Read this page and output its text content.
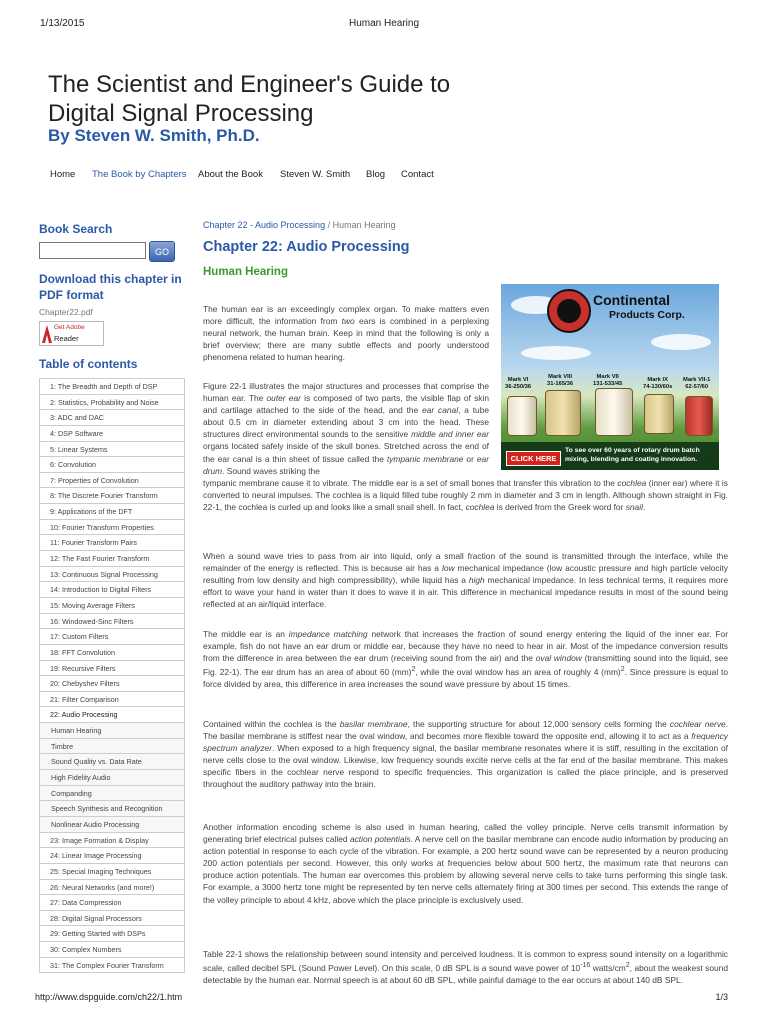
1/13/2015	Human Hearing
The Scientist and Engineer's Guide to Digital Signal Processing
By Steven W. Smith, Ph.D.
Home The Book by Chapters About the Book Steven W. Smith Blog Contact
Book Search
GO
Download this chapter in PDF format
Chapter22.pdf
Get Adobe
Reader
Table of contents
1: The Breadth and Depth of DSP
2: Statistics, Probability and Noise
3: ADC and DAC
4: DSP Software
5: Linear Systems
6: Convolution
7: Properties of Convolution
8: The Discrete Fourier Transform
9: Applications of the DFT
10: Fourier Transform Properties
11: Fourier Transform Pairs
12: The Fast Fourier Transform
13: Continuous Signal Processing
14: Introduction to Digital Filters
15: Moving Average Filters
16: Windowed-Sinc Filters
17: Custom Filters
18: FFT Convolution
19: Recursive Filters
20: Chebyshev Filters
21: Filter Comparison
22: Audio Processing
Human Hearing
Timbre
Sound Quality vs. Data Rate
High Fidelity Audio
Companding
Speech Synthesis and Recognition
Nonlinear Audio Processing
23: Image Formation & Display
24: Linear Image Processing
25: Special Imaging Techniques
26: Neural Networks (and more!)
27: Data Compression
28: Digital Signal Processors
29: Getting Started with DSPs
30: Complex Numbers
31: The Complex Fourier Transform
Chapter 22 - Audio Processing / Human Hearing
Chapter 22: Audio Processing
Human Hearing

The human ear is an exceedingly complex organ. To make matters even more difficult, the information from two ears is combined in a perplexing neural network, the human brain. Keep in mind that the following is only a brief overview; there are many subtle effects and poorly understood phenomena related to human hearing.

Figure 22-1 illustrates the major structures and processes that comprise the human ear. The outer ear is composed of two parts, the visible flap of skin and cartilage attached to the side of the head, and the ear canal, a tube about 0.5 cm in diameter extending about 3 cm into the head. These structures direct environmental sounds to the sensitive middle and inner ear organs located safely inside of the skull bones. Stretched across the end of the ear canal is a thin sheet of tissue called the tympanic membrane or ear drum. Sound waves striking the
tympanic membrane cause it to vibrate. The middle ear is a set of small bones that transfer this vibration to the cochlea (inner ear) where it is converted to neural impulses. The cochlea is a liquid filled tube roughly 2 mm in diameter and 3 cm in length. Although shown straight in Fig. 22-1, the cochlea is curled up and looks like a small snail shell. In fact, cochlea is derived from the Greek word for snail.

When a sound wave tries to pass from air into liquid, only a small fraction of the sound is transmitted through the interface, while the remainder of the energy is reflected. This is because air has a low mechanical impedance (low acoustic pressure and high particle velocity resulting from low density and high compressibility), while liquid has a high mechanical impedance. In less technical terms, it requires more effort to wave your hand in water than it does to wave it in air. This difference in mechanical impedance results in most of the sound being reflected at an air/liquid interface.

The middle ear is an impedance matching network that increases the fraction of sound energy entering the liquid of the inner ear. For example, fish do not have an ear drum or middle ear, because they have no need to hear in air. Most of the impedance conversion results from the difference in area between the ear drum (receiving sound from the air) and the oval window (transmitting sound into the liquid, see Fig. 22-1). The ear drum has an area of about 60 (mm)$^2$, while the oval window has an area of roughly 4 (mm)$^2$. Since pressure is equal to force divided by area, this difference in area increases the sound wave pressure by about 15 times.

Contained within the cochlea is the basilar membrane, the supporting structure for about 12,000 sensory cells forming the cochlear nerve. The basilar membrane is stiffest near the oval window, and becomes more flexible toward the opposite end, allowing it to act as a frequency spectrum analyzer. When exposed to a high frequency signal, the basilar membrane resonates where it is stiff, resulting in the excitation of nerve cells close to the oval window. Likewise, low frequency sounds excite nerve cells at the far end of the basilar membrane. This makes specific fibers in the cochlear nerve respond to specific frequencies. This organization is called the place principle, and is preserved throughout the auditory pathway into the brain.

Another information encoding scheme is also used in human hearing, called the volley principle. Nerve cells transmit information by generating brief electrical pulses called action potentials. A nerve cell on the basilar membrane can encode audio information by producing an action potential in response to each cycle of the vibration. For example, a 200 hertz sound wave can be represented by a neuron producing 200 action potentials per second. However, this only works at frequencies below about 500 hertz, the maximum rate that neurons can produce action potentials. The human ear overcomes this problem by allowing several nerve cells to take turns performing this single task. For example, a 3000 hertz tone might be represented by ten nerve cells alternately firing at 300 times per second. This extends the range of the volley principle to about 4 kHz, above which the place principle is exclusively used.

Table 22-1 shows the relationship between sound intensity and perceived loudness. It is common to express sound intensity on a logarithmic scale, called decibel SPL (Sound Power Level). On this scale, 0 dB SPL is a sound wave power of $10^{-16}$ watts/$cm^2$, about the weakest sound detectable by the human ear. Normal speech is at about 60 dB SPL, while painful damage to the ear occurs at about 140 dB SPL.

Continental
Products Corp.
Mark VI
36-250/36
Mark VIII
31-165/36
Mark VII
131-533/45
Mark IX
74-130/60s
Mark VII-1
62-57/60
CLICK HERE
To see over 60 years of rotary drum batch mixing, blending and coating innovation.
http://www.dspguide.com/ch22/1.htm	1/3
